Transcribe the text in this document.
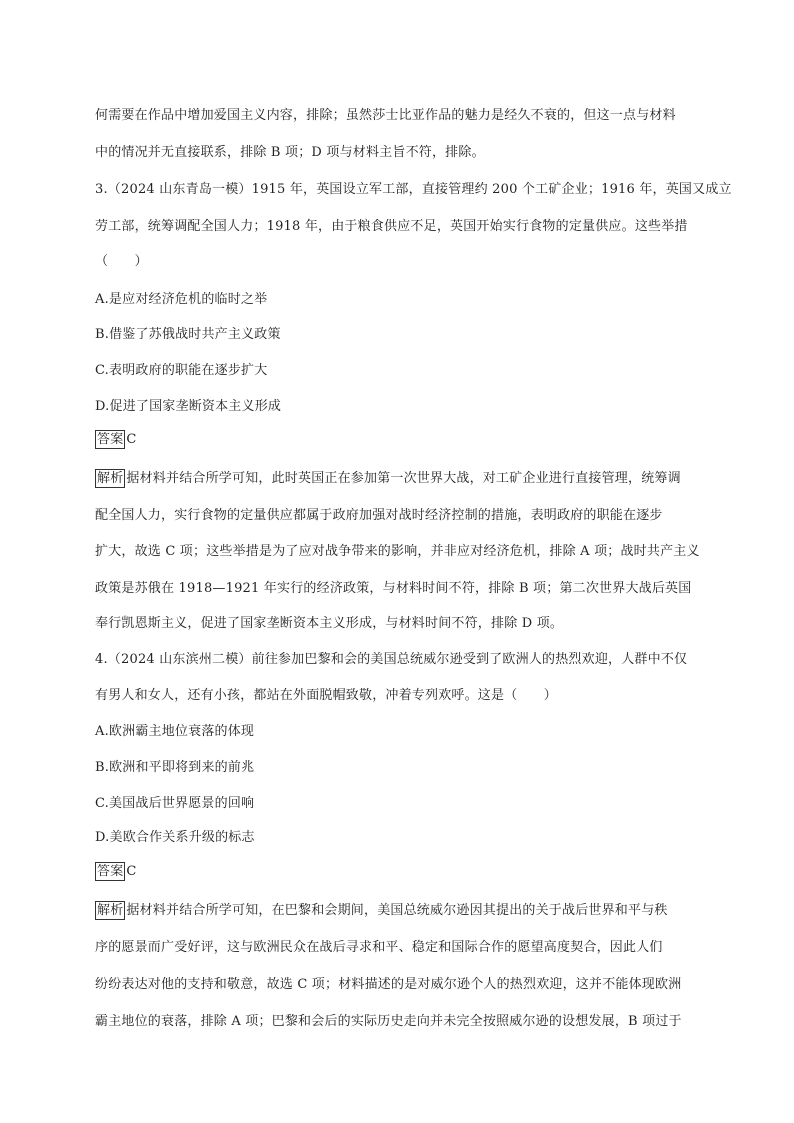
何需要在作品中增加爱国主义内容，排除；虽然莎士比亚作品的魅力是经久不衰的，但这一点与材料
中的情况并无直接联系，排除 B 项；D 项与材料主旨不符，排除。
3.（2024 山东青岛一模）1915 年，英国设立军工部，直接管理约 200 个工矿企业；1916 年，英国又成立
劳工部，统筹调配全国人力；1918 年，由于粮食供应不足，英国开始实行食物的定量供应。这些举措
（　　）
A.是应对经济危机的临时之举
B.借鉴了苏俄战时共产主义政策
C.表明政府的职能在逐步扩大
D.促进了国家垄断资本主义形成
答案 C
解析 据材料并结合所学可知，此时英国正在参加第一次世界大战，对工矿企业进行直接管理，统筹调
配全国人力，实行食物的定量供应都属于政府加强对战时经济控制的措施，表明政府的职能在逐步
扩大，故选 C 项；这些举措是为了应对战争带来的影响，并非应对经济危机，排除 A 项；战时共产主义
政策是苏俄在 1918—1921 年实行的经济政策，与材料时间不符，排除 B 项；第二次世界大战后英国
奉行凯恩斯主义，促进了国家垄断资本主义形成，与材料时间不符，排除 D 项。
4.（2024 山东滨州二模）前往参加巴黎和会的美国总统威尔逊受到了欧洲人的热烈欢迎，人群中不仅
有男人和女人，还有小孩，都站在外面脱帽致敬，冲着专列欢呼。这是（　　）
A.欧洲霸主地位衰落的体现
B.欧洲和平即将到来的前兆
C.美国战后世界愿景的回响
D.美欧合作关系升级的标志
答案 C
解析 据材料并结合所学可知，在巴黎和会期间，美国总统威尔逊因其提出的关于战后世界和平与秩
序的愿景而广受好评，这与欧洲民众在战后寻求和平、稳定和国际合作的愿望高度契合，因此人们
纷纷表达对他的支持和敬意，故选 C 项；材料描述的是对威尔逊个人的热烈欢迎，这并不能体现欧洲
霸主地位的衰落，排除 A 项；巴黎和会后的实际历史走向并未完全按照威尔逊的设想发展，B 项过于
